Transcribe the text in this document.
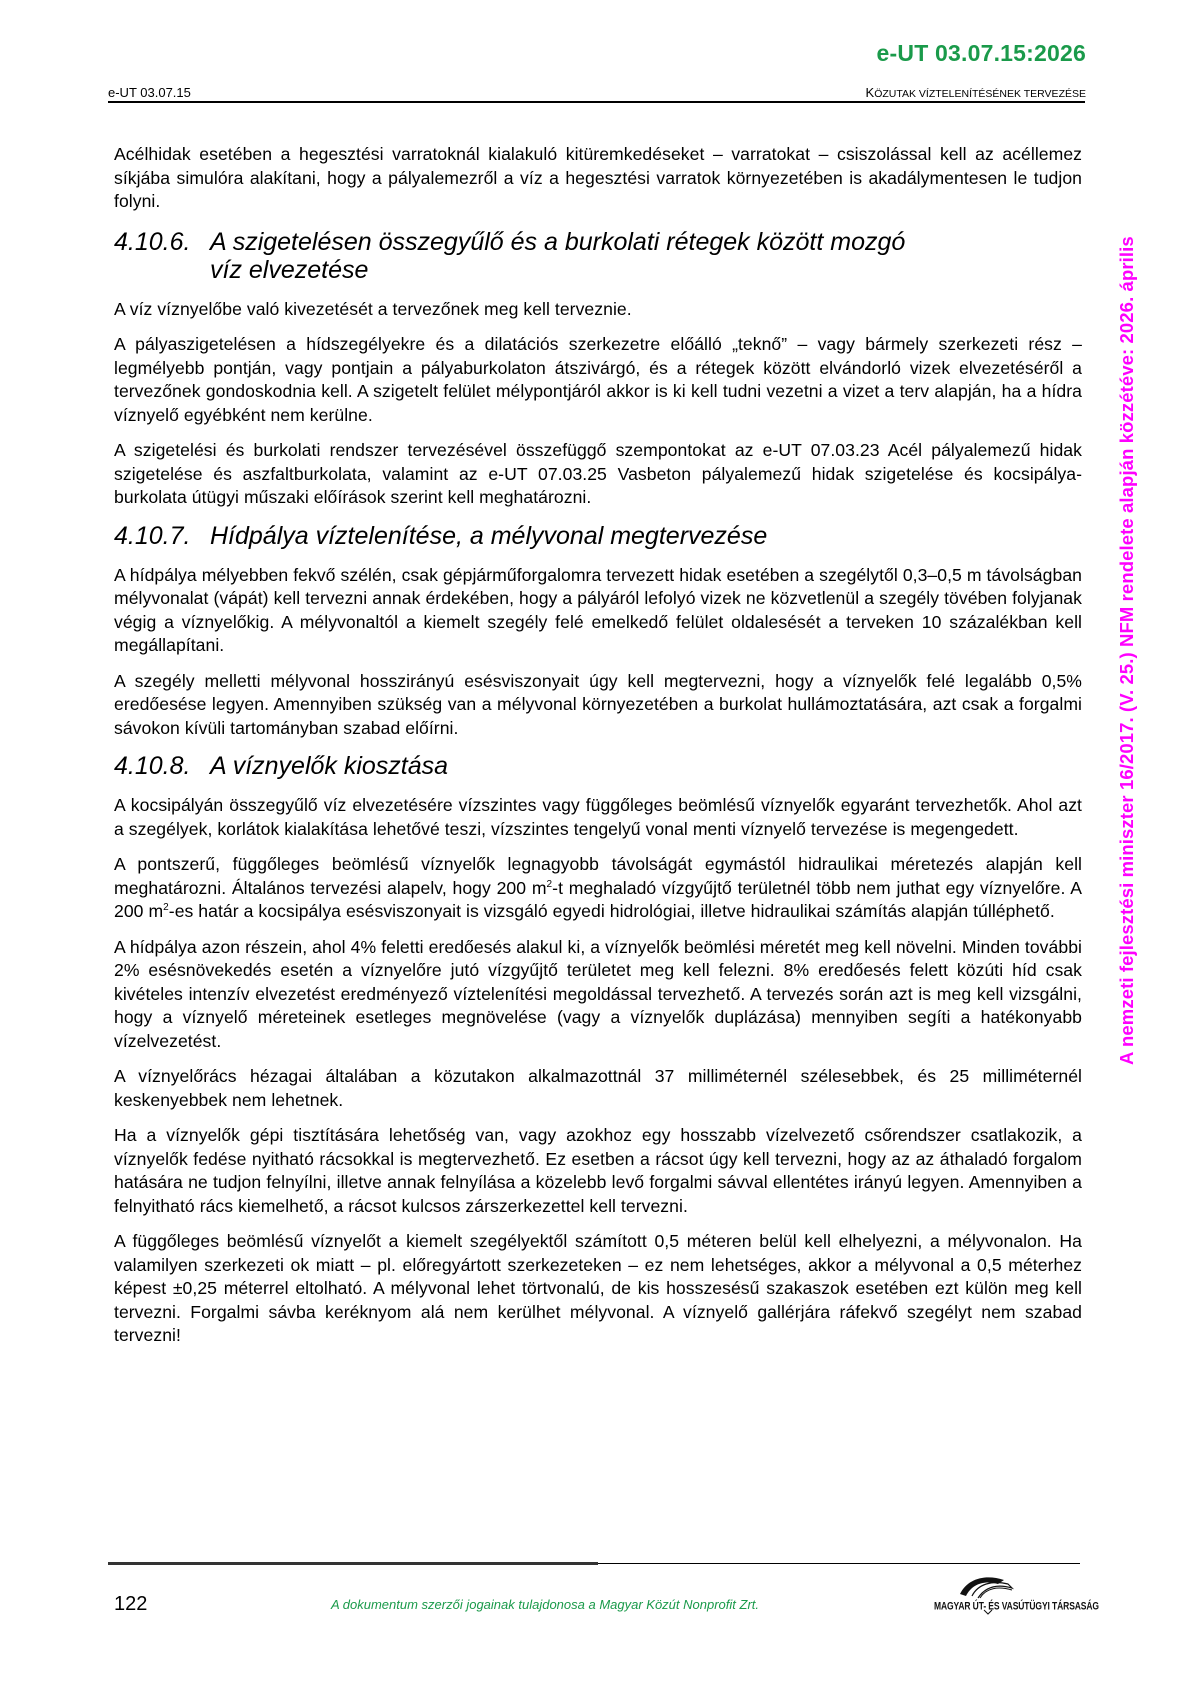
e-UT 03.07.15:2026
e-UT 03.07.15	KÖZUTAK VÍZTELENÍTÉSÉNEK TERVEZÉSE

Acélhidak esetében a hegesztési varratoknál kialakuló kitüremkedéseket – varratokat – csiszolással kell az acéllemez síkjába simulóra alakítani, hogy a pályalemezről a víz a hegesztési varratok környezetében is akadálymentesen le tudjon folyni.

4.10.6. A szigetelésen összegyűlő és a burkolati rétegek között mozgó
víz elvezetése

A víz víznyelőbe való kivezetését a tervezőnek meg kell terveznie.

A pályaszigetelésen a hídszegélyekre és a dilatációs szerkezetre előálló „teknő” – vagy bármely szerkezeti rész – legmélyebb pontján, vagy pontjain a pályaburkolaton átszivárgó, és a rétegek között elvándorló vizek elvezetéséről a tervezőnek gondoskodnia kell. A szigetelt felület mélypontjáról akkor is ki kell tudni vezetni a vizet a terv alapján, ha a hídra víznyelő egyébként nem kerülne.

A szigetelési és burkolati rendszer tervezésével összefüggő szempontokat az e-UT 07.03.23 Acél pályalemezű hidak szigetelése és aszfaltburkolata, valamint az e-UT 07.03.25 Vasbeton pályalemezű hidak szigetelése és kocsipálya-burkolata útügyi műszaki előírások szerint kell meghatározni.

4.10.7. Hídpálya víztelenítése, a mélyvonal megtervezése

A hídpálya mélyebben fekvő szélén, csak gépjárműforgalomra tervezett hidak esetében a szegélytől 0,3–0,5 m távolságban mélyvonalat (vápát) kell tervezni annak érdekében, hogy a pályáról lefolyó vizek ne közvetlenül a szegély tövében folyjanak végig a víznyelőkig. A mélyvonaltól a kiemelt szegély felé emelkedő felület oldalesését a terveken 10 százalékban kell megállapítani.

A szegély melletti mélyvonal hosszirányú esésviszonyait úgy kell megtervezni, hogy a víznyelők felé legalább 0,5% eredőesése legyen. Amennyiben szükség van a mélyvonal környezetében a burkolat hullámoztatására, azt csak a forgalmi sávokon kívüli tartományban szabad előírni.

4.10.8. A víznyelők kiosztása

A kocsipályán összegyűlő víz elvezetésére vízszintes vagy függőleges beömlésű víznyelők egyaránt tervezhetők. Ahol azt a szegélyek, korlátok kialakítása lehetővé teszi, vízszintes tengelyű vonal menti víznyelő tervezése is megengedett.

A pontszerű, függőleges beömlésű víznyelők legnagyobb távolságát egymástól hidraulikai méretezés alapján kell meghatározni. Általános tervezési alapelv, hogy 200 $m^2-t$ meghaladó vízgyűjtő területnél több nem juthat egy víznyelőre. A 200 $m^2-es$ határ a kocsipálya esésviszonyait is vizsgáló egyedi hidrológiai, illetve hidraulikai számítás alapján túlléphető.

A hídpálya azon részein, ahol 4% feletti eredőesés alakul ki, a víznyelők beömlési méretét meg kell növelni. Minden további 2% esésnövekedés esetén a víznyelőre jutó vízgyűjtő területet meg kell felezni. 8% eredőesés felett közúti híd csak kivételes intenzív elvezetést eredményező víztelenítési megoldással tervezhető. A tervezés során azt is meg kell vizsgálni, hogy a víznyelő méreteinek esetleges megnövelése (vagy a víznyelők duplázása) mennyiben segíti a hatékonyabb vízelvezetést.

A víznyelőrács hézagai általában a közutakon alkalmazottnál 37 milliméternél szélesebbek, és 25 milliméternél keskenyebbek nem lehetnek.

Ha a víznyelők gépi tisztítására lehetőség van, vagy azokhoz egy hosszabb vízelvezető csőrendszer csatlakozik, a víznyelők fedése nyitható rácsokkal is megtervezhető. Ez esetben a rácsot úgy kell tervezni, hogy az az áthaladó forgalom hatására ne tudjon felnyílni, illetve annak felnyílása a közelebb levő forgalmi sávval ellentétes irányú legyen. Amennyiben a felnyitható rács kiemelhető, a rácsot kulcsos zárszerkezettel kell tervezni.

A függőleges beömlésű víznyelőt a kiemelt szegélyektől számított 0,5 méteren belül kell elhelyezni, a mélyvonalon. Ha valamilyen szerkezeti ok miatt – pl. előregyártott szerkezeteken – ez nem lehetséges, akkor a mélyvonal a 0,5 méterhez képest ±0,25 méterrel eltolható. A mélyvonal lehet törtvonalú, de kis hosszesésű szakaszok esetében ezt külön meg kell tervezni. Forgalmi sávba keréknyom alá nem kerülhet mélyvonal. A víznyelő gallérjára ráfekvő szegélyt nem szabad tervezni!

A nemzeti fejlesztési miniszter 16/2017. (V. 25.) NFM rendelete alapján közzétéve: 2026. április
122	A dokumentum szerzői jogainak tulajdonosa a Magyar Közút Nonprofit Zrt.	MAGYAR ÚT- ÉS VASÚTÜGYI TÁRSASÁG
